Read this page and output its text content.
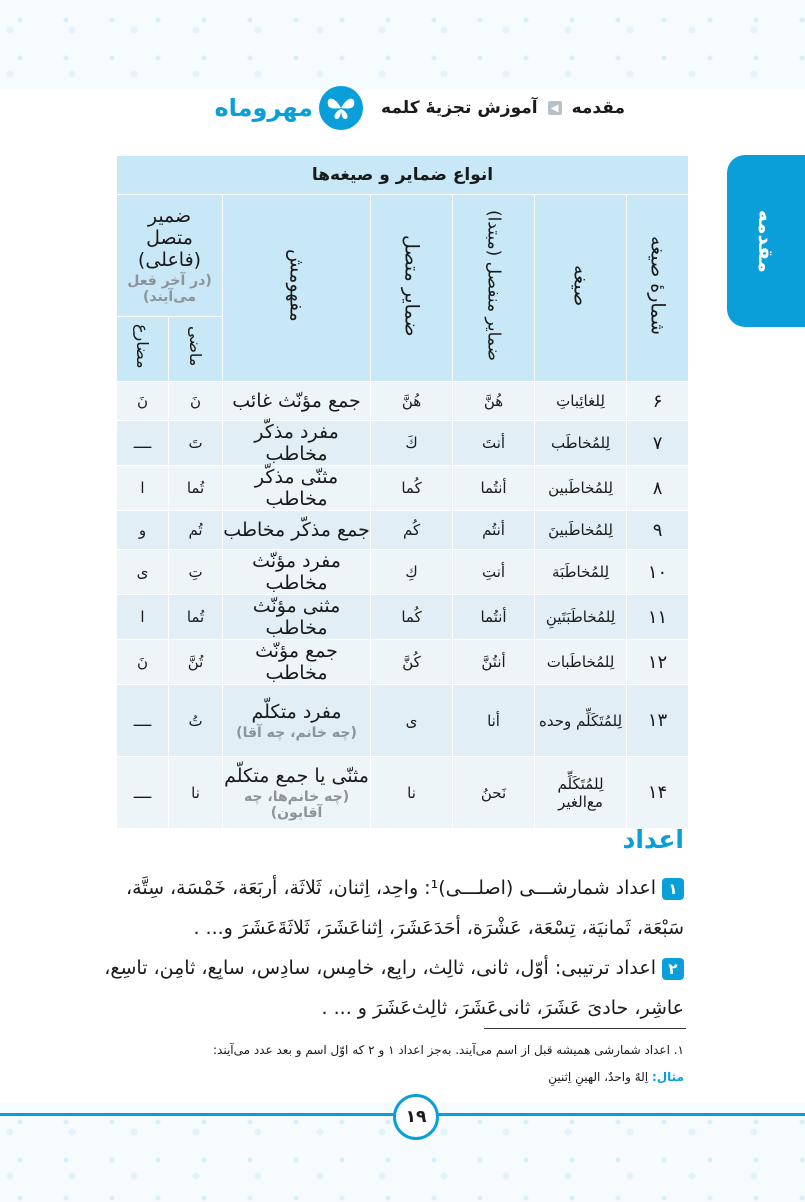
مقدمه
◀
آموزش تجزیهٔ کلمه
مهروماه
مقدمه
انواع ضمایر و صیغه‌ها						
شمارهٔ صیغه	صیغه	ضمایر منفصل (مبتدا)	ضمایر متصل	مفهومش	ضمیر متصل (فاعلی)
(در آخر فعل می‌آیند)	

					ماضی	مضارع
۶	لِلغائِباتِ	هُنَّ	هُنَّ	جمع مؤنّث غائب	نَ	نَ
۷	لِلمُخاطَب	أنتَ	كَ	مفرد مذکّر مخاطب	تَ	ــــ
۸	لِلمُخاطَبین	أنتُما	كُما	مثنّی مذکّر مخاطب	تُما	ا
۹	لِلمُخاطَبینَ	أنتُم	كُم	جمع مذکّر مخاطب	تُم	و
۱۰	لِلمُخاطَبَة	أنتِ	كِ	مفرد مؤنّث مخاطب	تِ	ی
۱۱	لِلمُخاطَبَتَینِ	أنتُما	كُما	مثنی مؤنّث مخاطب	تُما	ا
۱۲	لِلمُخاطَبات	أنتُنَّ	كُنَّ	جمع مؤنّث مخاطب	تُنَّ	نَ
۱۳	لِلمُتَكَلِّم وحده	أنا	ی	مفرد متکلّم
(چه خانم، چه آقا)	تُ	ــــ
۱۴	لِلمُتَكَلِّم مع‌الغیر	نَحنُ	نا	مثنّی یا جمع متکلّم
(چه خانم‌ها، چه آقایون)	نا	ــــ
اعداد
۱اعداد شمارشـــی (اصلـــی)¹: واحِد، اِثنان، ثَلاثَة، أربَعَة، خَمْسَة، سِتَّة، سَبْعَة، ثَمانیَة، تِسْعَة، عَشْرَة، أحَدَعَشَرَ، اِثناعَشَرَ، ثَلاثَةَعَشَرَ و... .
۲اعداد ترتیبی: أوّل، ثانی، ثالِث، رابِع، خامِس، سادِس، سابِع، ثامِن، تاسِع، عاشِر، حادیَ عَشَرَ، ثانی‌عَشَرَ، ثالِث‌عَشَرَ و ... .
۱. اعداد شمارشی همیشه قبل از اسم می‌آیند. به‌جز اعداد ۱ و ۲ که اوّل اسم و بعد عدد می‌آیند:
مثال: اِلهٌ واحدٌ، الهینِ اِثنینِ
۱۹
